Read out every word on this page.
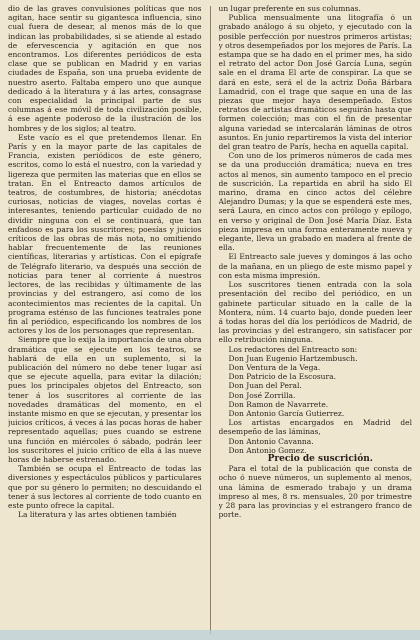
dio de las graves convulsiones políticas que nos agitan, hace sentir su gigantesca influencia, sino cual fuera de desear, al menos más de lo que indican las probabilidades, si se atiende al estado de efervescencia y agitación en que nos encontramos. Los diferentes periódicos de esta clase que se publican en Madrid y en varias ciudades de España, son una prueba evidente de nuestro aserto. Faltaba empero uno que aunque dedicado á la literatura y á las artes, consagrase con especialidad la principal parte de sus columnas á ese móvil de toda civilización posible, á ese agente poderoso de la ilustración de los hombres y de los siglos; al teatro.

Este vacío es el que pretendemos llenar. En París y en la mayor parte de las capitales de Francia, existen periódicos de este género, escritos, como lo está el nuestro, con la variedad y ligereza que permiten las materias que en ellos se tratan. En el Entreacto damos artículos de teatros, de costumbres, de historia; anécdotas curiosas, noticias de viages, novelas cortas é interesantes, teniendo particular cuidado de no dividir ninguna con el se continuará, que tan enfadoso es para los suscritores; poesías y juicios críticos de las obras de más nota, no omitiendo hablar frecuentemente de las reuniones científicas, literarias y artísticas. Con el epígrafe de Telégrafo literario, va después una sección de noticias para tener al corriente á nuestros lectores, de las recibidas y últimamente de las provincias y del estrangero, así como de los acontecimientos mas recientes de la capital. Un programa esténso de las funciones teatrales pone fin al periódico, especificando los nombres de los actores y los de los personages que representan.

Siempre que lo exija la importancia de una obra dramática que se ejecute en los teatros, se hablará de ella en un suplemento, si la publicación del número no debe tener lugar así que se ejecute aquella, para evitar la dilación; pues los principales objetos del Entreacto, son tener á los suscritores al corriente de las novedades dramáticas del momento, en el instante mismo en que se ejecutan, y presentar los juicios críticos, á veces á las pocas horas de haber representado aquellas; pues cuando se estrene una función en miércoles ó sábado, podrán leer los suscritores el juicio crítico de ella á las nueve horas de haberse estrenado.

También se ocupa el Entreacto de todas las diversiones y espectáculos públicos y particulares que por su género lo permiten; no descuidando el tener á sus lectores al corriente de todo cuanto en este punto ofrece la capital.

La literatura y las artes obtienen también

un lugar preferente en sus columnas.

Publica mensualmente una litografía ó un grabado análogo á su objeto, y ejecutado con la posible perfección por nuestros primeros artistas; y otros desempeñados por los mejores de París. La estampa que se ha dado en el primer mes, ha sido el retrato del actor Don José García Luna, según sale en el drama El arte de conspirar. La que se dará en este, será el de la actriz Doña Bárbara Lamadrid, con el trage que saque en una de las piezas que mejor haya desempeñado. Estos retratos de artistas dramáticos seguirán hasta que formen colección; mas con el fin de presentar alguna variedad se intercalarán láminas de otros asuntos. En junio repartiremos la vista del interior del gran teatro de París, hecha en aquella capital.

Con uno de los primeros números de cada mes se da una producción dramática; nueva en tres actos al menos, sin aumento tampoco en el precio de suscrición. La repartida en abril ha sido El marino, drama en cinco actos del célebre Alejandro Dumas; y la que se espenderá este mes, será Laura, en cinco actos con prólogo y epílogo, en verso y original de Don José María Díaz. Esta pieza impresa en una forma enteramente nueva y elegante, lleva un grabado en madera al frente de ella.

El Entreacto sale jueves y domingos á las ocho de la mañana, en un pliego de este mismo papel y con esta misma impresión.

Los suscritores tienen entrada con la sola presentación del recibo del periódico, en un gabinete particular situado en la calle de la Montera, núm. 14 cuarto bajo, donde pueden leer á todas horas del día los periódicos de Madrid, de las provincias y del estrangero, sin satisfacer por ello retribución ninguna.

Los redactores del Entreacto son:

Don Juan Eugenio Hartzembusch.

Don Ventura de la Vega.

Don Patricio de la Escosura.

Don Juan del Peral.

Don José Zorrilla.

Don Ramon de Navarrete.

Don Antonio García Gutierrez.

Los artistas encargados en Madrid del desempeño de las láminas,

Don Antonio Cavanna.

Don Antonio Gomez.

Precio de suscrición.

Para el total de la publicación que consta de ocho ó nueve números, un suplemento al menos, una lámina de esmerado trabajo y un drama impreso al mes, 8 rs. mensuales, 20 por trimestre y 28 para las provincias y el estrangero franco de porte.
